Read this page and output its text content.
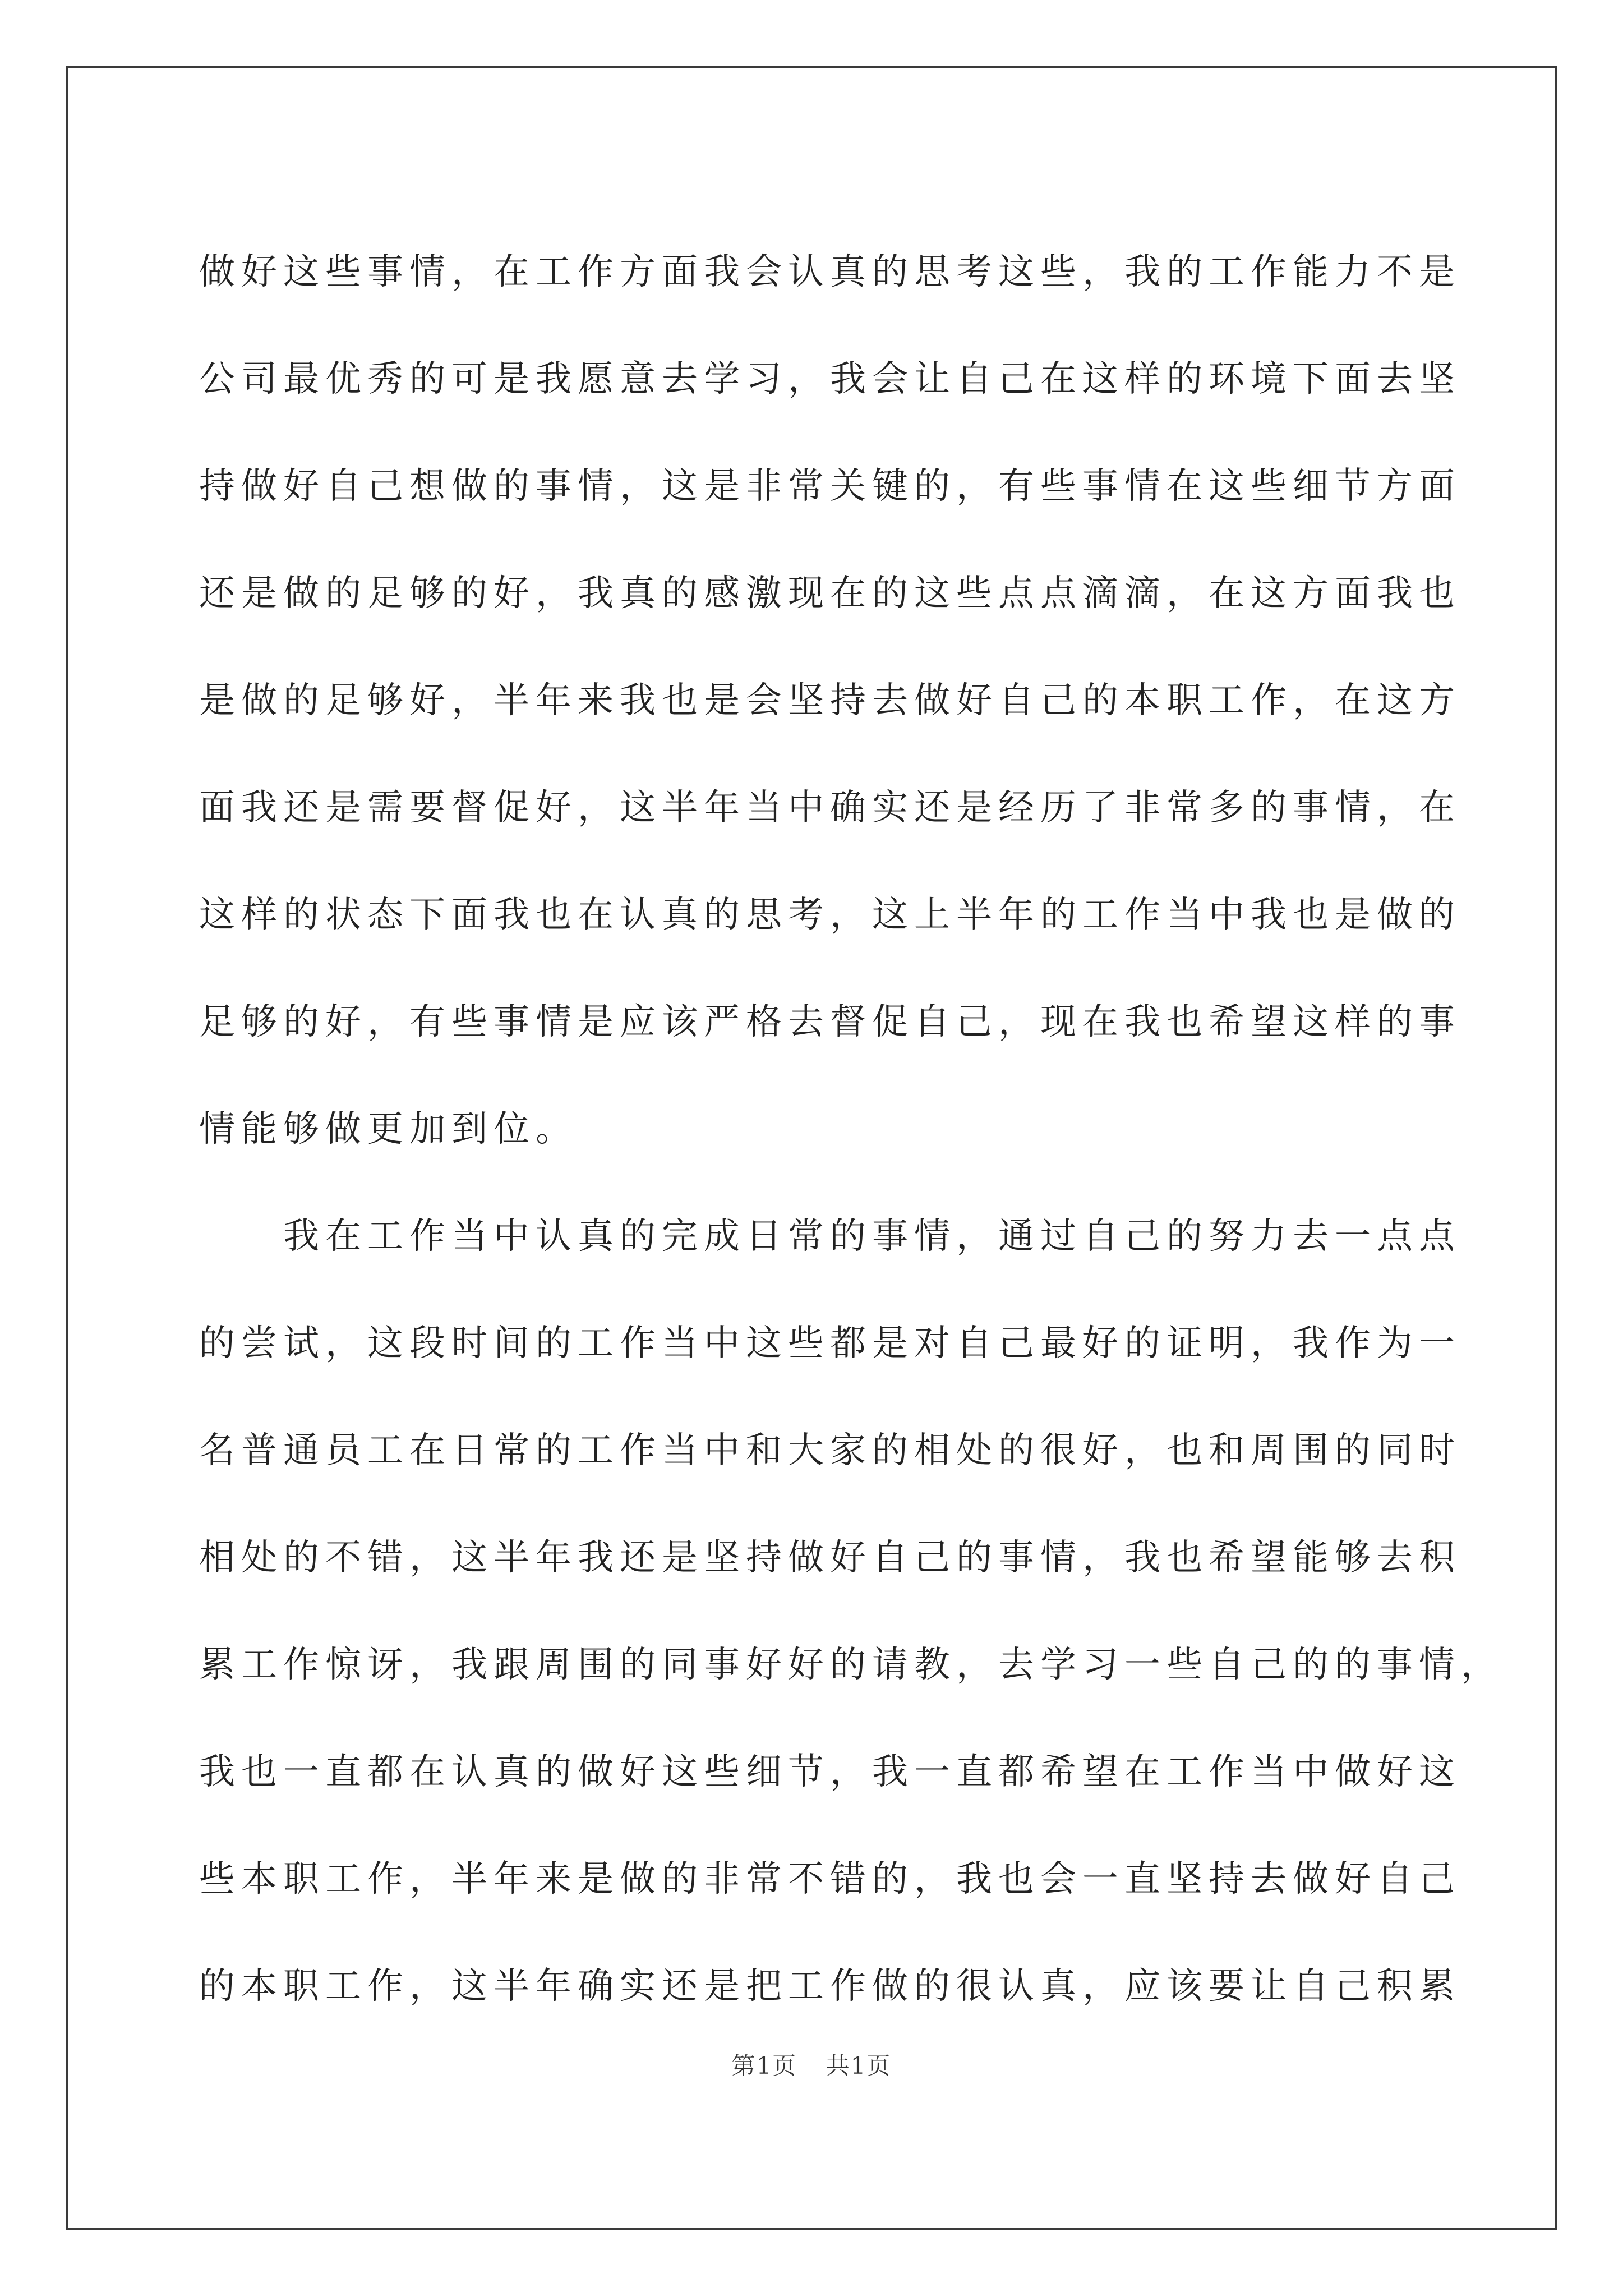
做好这些事情，在工作方面我会认真的思考这些，我的工作能力不是
公司最优秀的可是我愿意去学习，我会让自己在这样的环境下面去坚
持做好自己想做的事情，这是非常关键的，有些事情在这些细节方面
还是做的足够的好，我真的感激现在的这些点点滴滴，在这方面我也
是做的足够好，半年来我也是会坚持去做好自己的本职工作，在这方
面我还是需要督促好，这半年当中确实还是经历了非常多的事情，在
这样的状态下面我也在认真的思考，这上半年的工作当中我也是做的
足够的好，有些事情是应该严格去督促自己，现在我也希望这样的事
情能够做更加到位。
　　我在工作当中认真的完成日常的事情，通过自己的努力去一点点
的尝试，这段时间的工作当中这些都是对自己最好的证明，我作为一
名普通员工在日常的工作当中和大家的相处的很好，也和周围的同时
相处的不错，这半年我还是坚持做好自己的事情，我也希望能够去积
累工作惊讶，我跟周围的同事好好的请教，去学习一些自己的的事情，
我也一直都在认真的做好这些细节，我一直都希望在工作当中做好这
些本职工作，半年来是做的非常不错的，我也会一直坚持去做好自己
的本职工作，这半年确实还是把工作做的很认真，应该要让自己积累
第1页 共1页
